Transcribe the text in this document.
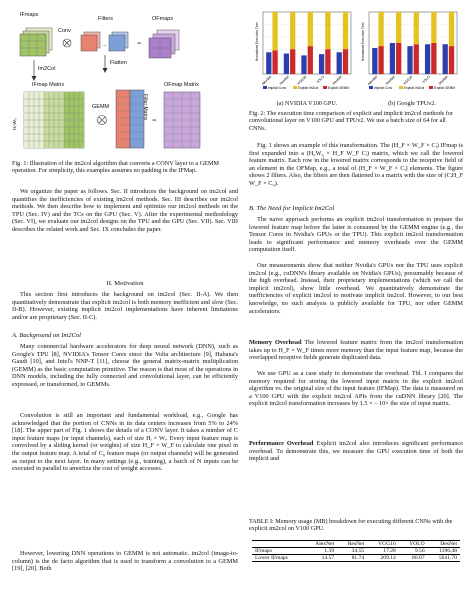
...	=
=
IFmaps
Conv
Filters	OFmaps
Im2Col
Flatten
IFmap Matrix
GEMM	Filter Matrix
OFmap Matrix
H₀W₀
Fig. 1: Illustration of the im2col algorithm that converts a CONV layer to a GEMM operation. For simplicity, this examples assumes no padding in the IFMap.
Normalized Execution Time
AlexNet ResNet VGG16 YOLO DesNet
Implicit Conv	Explicit im2col	Explicit GEMM
Normalized Execution Time
AlexNet ResNet VGG16 YOLO DesNet
Implicit Conv	Explicit im2col	Explicit GEMM
(a) NVIDIA V100 GPU.	(b) Google TPUv2.
Fig. 2: The execution time comparison of explicit and implicit im2col methods for convolutional layer on V100 GPU and TPUv2. We use a batch size of 64 for all CNNs.
We organize the paper as follows. Sec. II introduces the background on im2col and quantifies the inefficiencies of existing im2col methods. Sec. III describes our im2col methods. We then describe how to implement and optimize our im2col methods on the TPU (Sec. IV) and the TCs on the GPU (Sec. V). After the experimental methodology (Sec. VI), we evaluate our im2col designs on the TPU and the GPU (Sec. VII). Sec. VIII describes the related work and Sec. IX concludes the paper.
II. Motivation
This section first introduces the background on im2col (Sec. II-A). We then quantitatively demonstrate that explicit im2col is both memory inefficient and slow (Sec. II-B). However, existing implicit im2col implementations have inherent limitations and/or are proprietary (Sec. II-C).
A. Background on Im2Col
Many commercial hardware accelerators for deep neural network (DNN), such as Google's TPU [8], NVIDIA's Tensor Cores since the Volta architecture [9], Habana's Gaudi [10], and Intel's NNP-T [11], choose the general matrix-matrix multiplication (GEMM) as the basic computation primitive. The reason is that most of the operations in DNN models, including the fully connected and convolutional layer, can be efficiently expressed, or transformed, to GEMMs.
Convolution is still an important and fundamental workload, e.g., Google has acknowledged that the portion of CNNs in its data centers increases from 5% to 24% [18]. The upper part of Fig. 1 shows the details of a CONV layer. It takes a number of C input feature maps (or input channels), each of size Hᵢ × Wᵢ. Every input feature map is convolved by a sliding kernel (or weights) of size H_F × W_F to calculate one pixel in the output feature map. A total of C₀ feature maps (or output channels) will be generated as output to the next layer. In many settings (e.g., training), a batch of N inputs can be executed in parallel to amortize the cost of weight accesses.
However, lowering DNN operations to GEMM is not automatic. im2col (image-to-column) is the de facto algorithm that is used to transform a convolution to a GEMM [19], [20]. Both
Fig. 1 shows an example of this transformation. The (H_F × W_F × Cᵢ) IFmap is first expanded into a (H₀W₀ × H_F W_F Cᵢ) matrix, which we call the lowered feature matrix. Each row in the lowered matrix corresponds to the receptive field of an element in the OFMap, e.g., a total of (H_F × W_F × Cᵢ) elements. The figure shows 2 filters. Also, the filters are then flattened to a matrix with the size of (CᵢH_F W_F × C₀).
B. The Need for Implicit Im2Col
The naive approach performs an explicit im2col transformation to prepare the lowered feature map before the latter is consumed by the GEMM engine (e.g., the Tensor Cores in Nvidia's GPUs or the TPU). This explicit im2col transformation leads to significant performance and memory overheads over the GEMM computation itself.
Our measurements show that neither Nvidia's GPUs nor the TPU uses explicit im2col (e.g., cuDNN's library available on Nvidia's GPUs), presumably because of the high overhead. Instead, their proprietary implementations (which we call the implicit im2col), show little overhead. We quantitatively demonstrate the inefficiencies of explicit im2col to motivate implicit im2col. However, to our best knowledge, no such analysis is publicly available for TPU, nor other GEMM accelerators.
Memory Overhead The lowered feature matrix from the im2col transformation takes up to H_F × W_F times more memory than the input feature map, because the overlapped receptive fields generate duplicated data.
We use GPU as a case study to demonstrate the overhead. Tbl. I compares the memory required for storing the lowered input matrix in the explicit im2col algorithm vs. the original size of the input feature (IFMap). The data is measured on a V100 GPU with the explicit im2col APIs from the cuDNN library [20]. The explicit im2col transformation increases by 1.5 × – 10× the size of input matrix.
Performance Overhead Explicit im2col also introduces significant performance overhead. To demonstrate this, we measure the GPU execution time of both the implicit and
TABLE I: Memory usage (MB) breakdown for executing different CNNs with the explicit im2col on V100 GPU.
	AlexNet	ResNet	VGG16	YOLO	DesNet
IFmaps	1.39	34.55	17.28	9.56	1196.48
Lower IFmaps	14.57	81.74	209.14	86.07	5641.70
